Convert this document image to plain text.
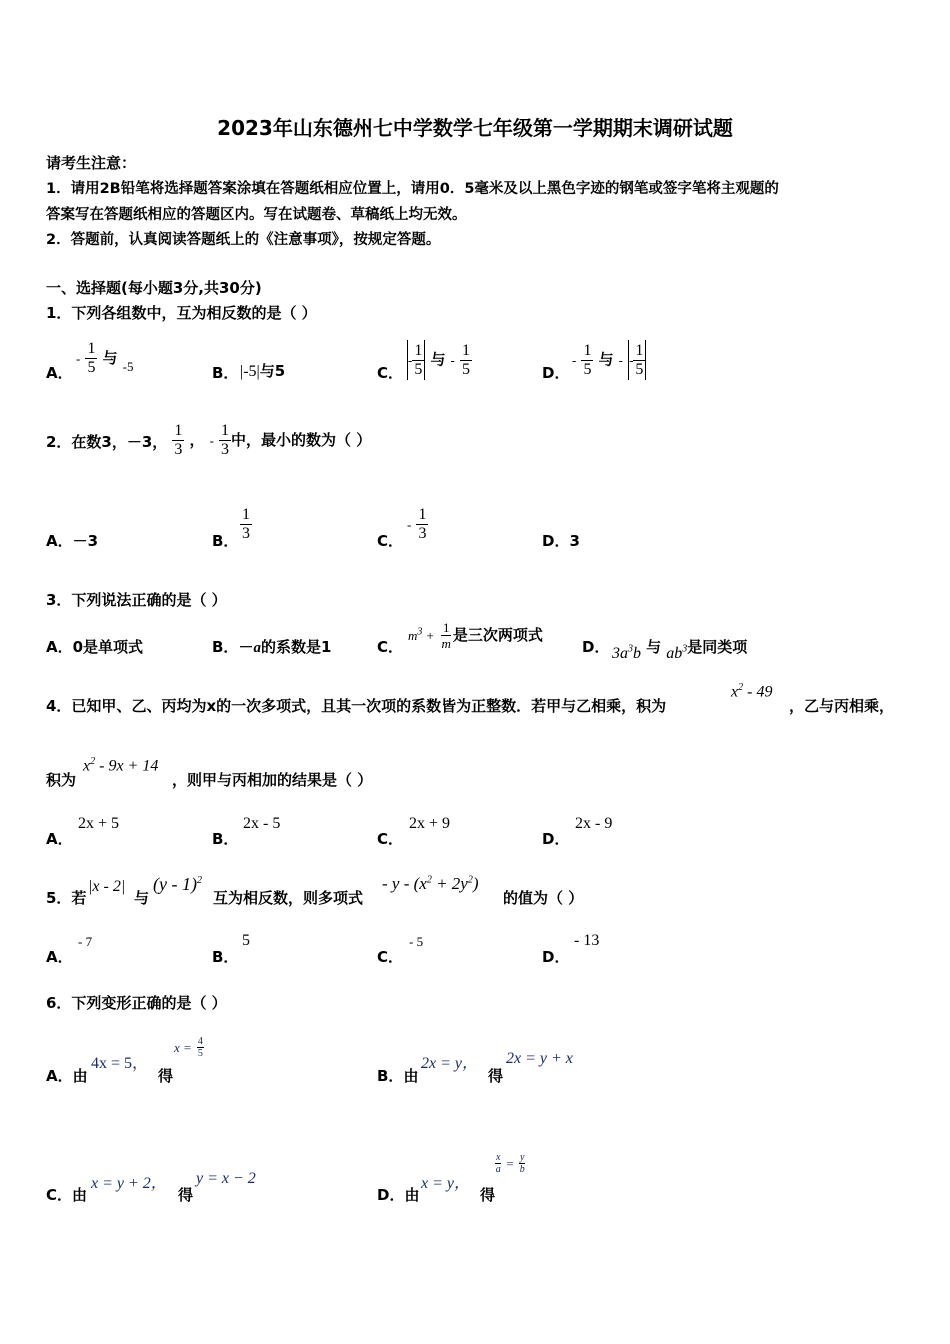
2023年山东德州七中学数学七年级第一学期期末调研试题
请考生注意：
1．请用2B铅笔将选择题答案涂填在答题纸相应位置上，请用0．5毫米及以上黑色字迹的钢笔或签字笔将主观题的
答案写在答题纸相应的答题区内。写在试题卷、草稿纸上均无效。
2．答题前，认真阅读答题纸上的《注意事项》，按规定答题。
一、选择题(每小题3分,共30分)
1．下列各组数中，互为相反数的是（ ）
A．
- $\frac{1}{5}$ 与 $_{-5}$	B． |-5|与5	C．
- $\frac{1}{5}$ 与 - $\frac{1}{5}$	D．
- $\frac{1}{5}$ 与 - - $\frac{1}{5}$
2．在数3，－3， $\frac{1}{3}$ ， - $\frac{1}{3}$ 中，最小的数为（ ）
A．－3	B． $\frac{1}{3}$	C．
- $\frac{1}{3}$	D．3
3．下列说法正确的是（ ）
A．0是单项式	B．－a的系数是1	C．
$m^3 + \frac{1}{m}$ 是三次两项式
D． $3a^3b$ 与 $ab^3$是同类项
4．已知甲、乙、丙均为x的一次多项式，且其一次项的系数皆为正整数．若甲与乙相乘，积为
$x^2 - 49$
，乙与丙相乘，
积为
$x^2 - 9x + 14$
，则甲与丙相加的结果是（ ）
A．
2x + 5
B．
2x - 5
C．
2x + 9
D．
2x - 9
5．若
|x - 2|
与
(y - 1)$^2$
互为相反数，则多项式
- $y - (x^2 + 2y^2)$
的值为（ ）
A．
- 7
B．
5
C．
- 5
D．
- 13
6．下列变形正确的是（ ）
A．由
4x = 5，
得
$x = \frac{4}{5}$
B．由
2x = y，
得
2x = y + x
C．由
x = y + 2，
得
y = x − 2
D．由
x = y，
得
$\frac{x}{a} = \frac{y}{b}$
